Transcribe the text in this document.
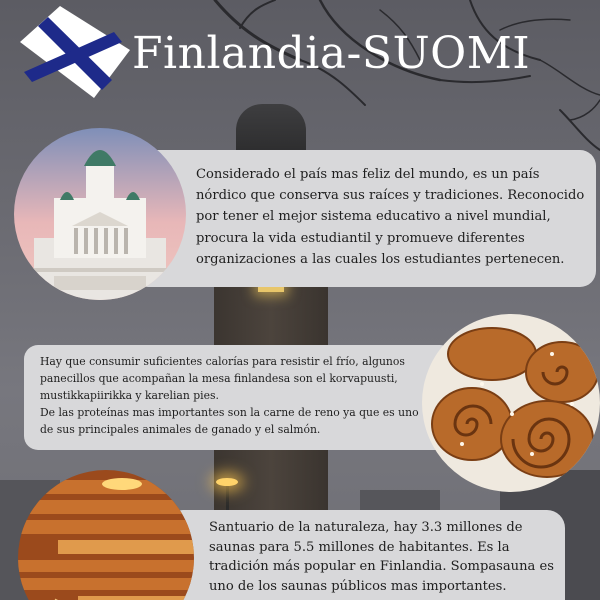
Finlandia-SUOMI

Considerado el país mas feliz del mundo, es un país nórdico que conserva sus raíces y tradiciones. Reconocido por tener el mejor sistema educativo a nivel mundial, procura la vida estudiantil y promueve diferentes organizaciones a las cuales los estudiantes pertenecen.

Hay que consumir suficientes calorías para resistir el frío, algunos panecillos que acompañan la mesa finlandesa son el korvapuusti, mustikkapiirikka y karelian pies.

De las proteínas mas importantes son la carne de reno ya que es uno de sus principales animales de ganado y el salmón.

Santuario de la naturaleza, hay 3.3 millones de saunas para 5.5 millones de habitantes. Es la tradición más popular en Finlandia. Sompasauna es uno de los saunas públicos mas importantes.
